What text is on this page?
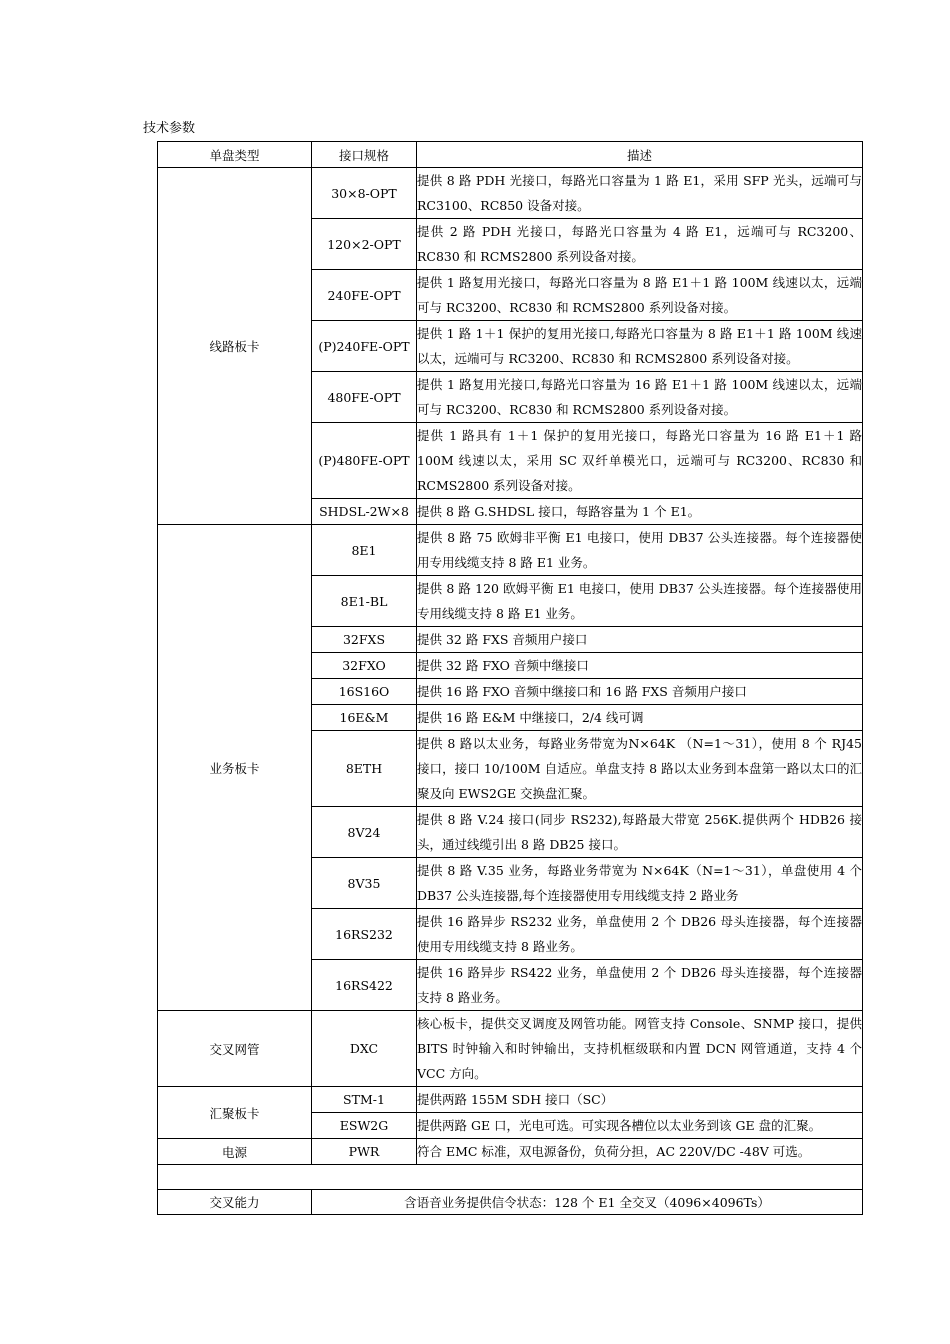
技术参数
单盘类型	接口规格	描述
线路板卡	30×8-OPT	提供 8 路 PDH 光接口，每路光口容量为 1 路 E1，采用 SFP 光头，远端可与 RC3100、RC850 设备对接。
	120×2-OPT	提供 2 路 PDH 光接口，每路光口容量为 4 路 E1，远端可与 RC3200、RC830 和 RCMS2800 系列设备对接。
	240FE-OPT	提供 1 路复用光接口，每路光口容量为 8 路 E1＋1 路 100M 线速以太，远端可与 RC3200、RC830 和 RCMS2800 系列设备对接。
	(P)240FE-OPT	提供 1 路 1＋1 保护的复用光接口,每路光口容量为 8 路 E1＋1 路 100M 线速以太，远端可与 RC3200、RC830 和 RCMS2800 系列设备对接。
	480FE-OPT	提供 1 路复用光接口,每路光口容量为 16 路 E1＋1 路 100M 线速以太，远端可与 RC3200、RC830 和 RCMS2800 系列设备对接。
	(P)480FE-OPT	提供 1 路具有 1＋1 保护的复用光接口，每路光口容量为 16 路 E1＋1 路 100M 线速以太，采用 SC 双纤单模光口，远端可与 RC3200、RC830 和 RCMS2800 系列设备对接。
	SHDSL-2W×8	提供 8 路 G.SHDSL 接口，每路容量为 1 个 E1。
业务板卡	8E1	提供 8 路 75 欧姆非平衡 E1 电接口，使用 DB37 公头连接器。每个连接器使用专用线缆支持 8 路 E1 业务。
	8E1-BL	提供 8 路 120 欧姆平衡 E1 电接口，使用 DB37 公头连接器。每个连接器使用专用线缆支持 8 路 E1 业务。
	32FXS	提供 32 路 FXS 音频用户接口
	32FXO	提供 32 路 FXO 音频中继接口
	16S16O	提供 16 路 FXO 音频中继接口和 16 路 FXS 音频用户接口
	16E&M	提供 16 路 E&M 中继接口，2/4 线可调
	8ETH	提供 8 路以太业务，每路业务带宽为N×64K （N=1～31），使用 8 个 RJ45 接口，接口 10/100M 自适应。单盘支持 8 路以太业务到本盘第一路以太口的汇聚及向 EWS2GE 交换盘汇聚。
	8V24	提供 8 路 V.24 接口(同步 RS232),每路最大带宽 256K.提供两个 HDB26 接头，通过线缆引出 8 路 DB25 接口。
	8V35	提供 8 路 V.35 业务，每路业务带宽为 N×64K（N=1～31），单盘使用 4 个 DB37 公头连接器,每个连接器使用专用线缆支持 2 路业务
	16RS232	提供 16 路异步 RS232 业务，单盘使用 2 个 DB26 母头连接器，每个连接器使用专用线缆支持 8 路业务。
	16RS422	提供 16 路异步 RS422 业务，单盘使用 2 个 DB26 母头连接器，每个连接器支持 8 路业务。
交叉网管	DXC	核心板卡，提供交叉调度及网管功能。网管支持 Console、SNMP 接口，提供 BITS 时钟输入和时钟输出，支持机框级联和内置 DCN 网管通道，支持 4 个 VCC 方向。
汇聚板卡	STM-1	提供两路 155M SDH 接口（SC）
	ESW2G	提供两路 GE 口，光电可选。可实现各槽位以太业务到该 GE 盘的汇聚。
电源	PWR	符合 EMC 标准，双电源备份，负荷分担，AC 220V/DC -48V 可选。

交叉能力	含语音业务提供信令状态：128 个 E1 全交叉（4096×4096Ts）	
